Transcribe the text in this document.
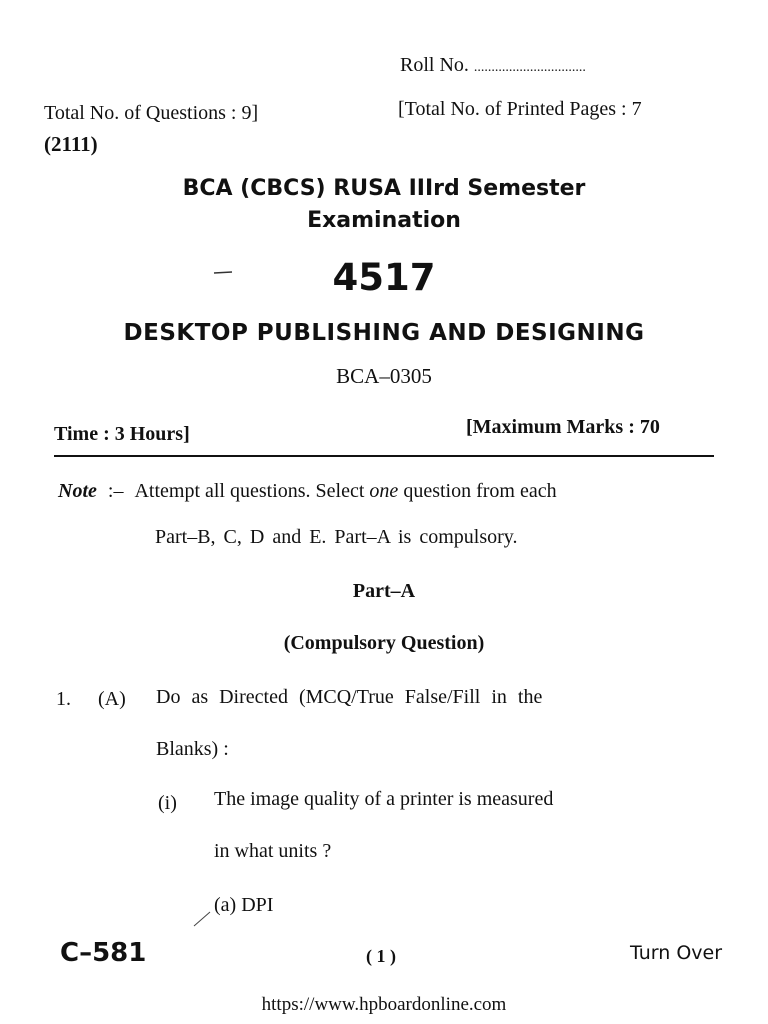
Roll No. ................................
Total No. of Questions : 9]	[Total No. of Printed Pages : 7
(2111)
BCA (CBCS) RUSA IIIrd Semester
Examination
4517
DESKTOP PUBLISHING AND DESIGNING
BCA–0305
Time : 3 Hours]	[Maximum Marks : 70
Note :– Attempt all questions. Select one question from each
Part–B, C, D and E. Part–A is compulsory.
Part–A
(Compulsory Question)
1. (A) Do as Directed (MCQ/True False/Fill in the
Blanks) :
(i) The image quality of a printer is measured
in what units ?
(a) DPI
C–581	( 1 )	Turn Over
https://www.hpboardonline.com
